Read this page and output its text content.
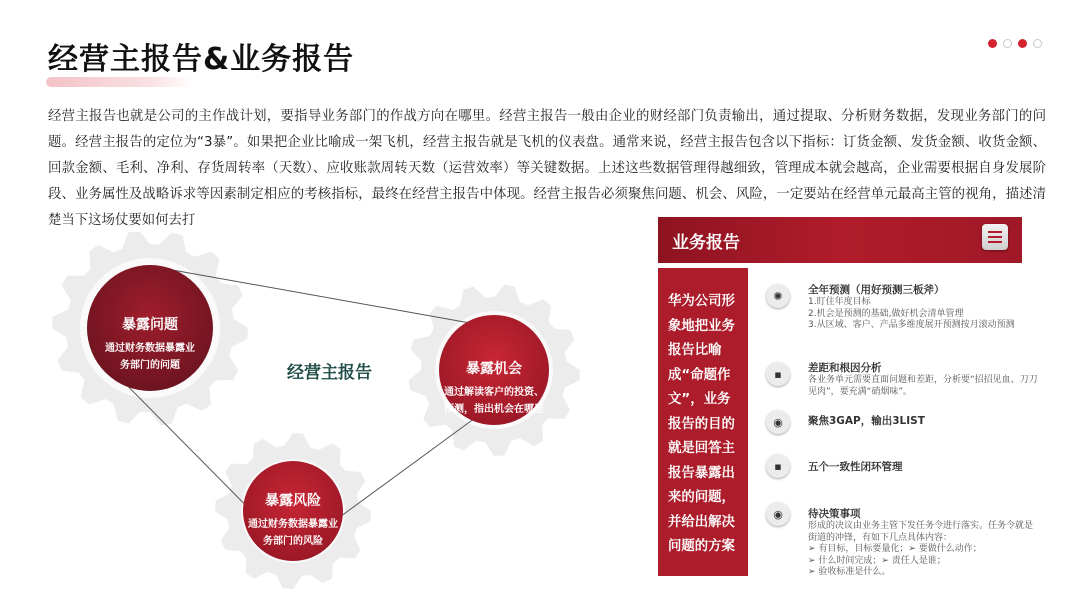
经营主报告&业务报告
经营主报告也就是公司的主作战计划，要指导业务部门的作战方向在哪里。经营主报告一般由企业的财经部门负责输出，通过提取、分析财务数据，发现业务部门的问题。经营主报告的定位为“3暴”。如果把企业比喻成一架飞机，经营主报告就是飞机的仪表盘。通常来说，经营主报告包含以下指标：订货金额、发货金额、收货金额、回款金额、毛利、净利、存货周转率（天数）、应收账款周转天数（运营效率）等关键数据。上述这些数据管理得越细致，管理成本就会越高，企业需要根据自身发展阶段、业务属性及战略诉求等因素制定相应的考核指标，最终在经营主报告中体现。经营主报告必须聚焦问题、机会、风险，一定要站在经营单元最高主管的视角，描述清楚当下这场仗要如何去打
暴露问题
通过财务数据暴露业
务部门的问题	暴露机会
通过解读客户的投资、
预测，指出机会在哪里
暴露风险
通过财务数据暴露业
务部门的风险
经营主报告
业务报告
华为公司形象地把业务报告比喻成“命题作文”，业务报告的目的就是回答主报告暴露出来的问题，并给出解决问题的方案
✺	全年预测（用好预测三板斧）
1.盯住年度目标
2.机会是预测的基础,做好机会清单管理
3.从区域、客户、产品多维度展开预测按月滚动预测
▪	差距和根因分析
各业务单元需要直面问题和差距，分析要“招招见血、刀刀见肉”，要充满“硝烟味”。
◉	聚焦3GAP，输出3LIST
▪	五个一致性闭环管理
◉	待决策事项
形成的决议由业务主管下发任务令进行落实。任务令就是街道的冲锋，有如下几点具体内容：
➢ 有目标，目标要量化；➢ 要做什么动作；
➢ 什么时间完成；➢ 责任人是谁；
➢ 验收标准是什么。
